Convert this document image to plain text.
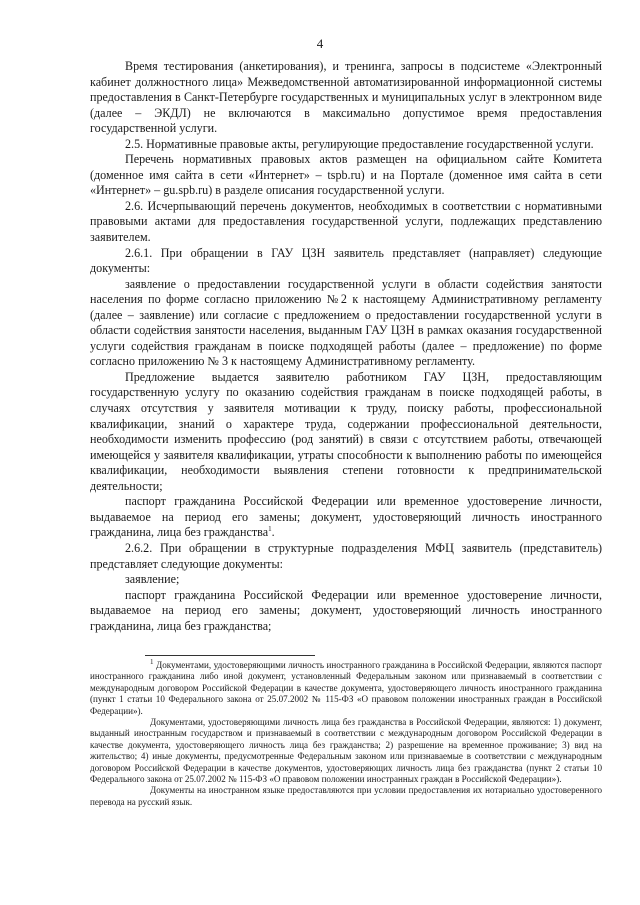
4

Время тестирования (анкетирования), и тренинга, запросы в подсистеме «Электронный кабинет должностного лица» Межведомственной автоматизированной информационной системы предоставления в Санкт-Петербурге государственных и муниципальных услуг в электронном виде (далее – ЭКДЛ) не включаются в максимально допустимое время предоставления государственной услуги.

2.5. Нормативные правовые акты, регулирующие предоставление государственной услуги.

Перечень нормативных правовых актов размещен на официальном сайте Комитета (доменное имя сайта в сети «Интернет» – tspb.ru) и на Портале (доменное имя сайта в сети «Интернет» – gu.spb.ru) в разделе описания государственной услуги.

2.6. Исчерпывающий перечень документов, необходимых в соответствии с нормативными правовыми актами для предоставления государственной услуги, подлежащих представлению заявителем.

2.6.1. При обращении в ГАУ ЦЗН заявитель представляет (направляет) следующие документы:

заявление о предоставлении государственной услуги в области содействия занятости населения по форме согласно приложению №2 к настоящему Административному регламенту (далее – заявление) или согласие с предложением о предоставлении государственной услуги в области содействия занятости населения, выданным ГАУ ЦЗН в рамках оказания государственной услуги содействия гражданам в поиске подходящей работы (далее – предложение) по форме согласно приложению № 3 к настоящему Административному регламенту.

Предложение выдается заявителю работником ГАУ ЦЗН, предоставляющим государственную услугу по оказанию содействия гражданам в поиске подходящей работы, в случаях отсутствия у заявителя мотивации к труду, поиску работы, профессиональной квалификации, знаний о характере труда, содержании профессиональной деятельности, необходимости изменить профессию (род занятий) в связи с отсутствием работы, отвечающей имеющейся у заявителя квалификации, утраты способности к выполнению работы по имеющейся квалификации, необходимости выявления степени готовности к предпринимательской деятельности;

паспорт гражданина Российской Федерации или временное удостоверение личности, выдаваемое на период его замены; документ, удостоверяющий личность иностранного гражданина, лица без гражданства$^1$.

2.6.2. При обращении в структурные подразделения МФЦ заявитель (представитель) представляет следующие документы:

заявление;

паспорт гражданина Российской Федерации или временное удостоверение личности, выдаваемое на период его замены; документ, удостоверяющий личность иностранного гражданина, лица без гражданства;

$^1$ Документами, удостоверяющими личность иностранного гражданина в Российской Федерации, являются паспорт иностранного гражданина либо иной документ, установленный Федеральным законом или признаваемый в соответствии с международным договором Российской Федерации в качестве документа, удостоверяющего личность иностранного гражданина (пункт 1 статьи 10 Федерального закона от 25.07.2002 № 115-ФЗ «О правовом положении иностранных граждан в Российской Федерации»).

Документами, удостоверяющими личность лица без гражданства в Российской Федерации, являются: 1) документ, выданный иностранным государством и признаваемый в соответствии с международным договором Российской Федерации в качестве документа, удостоверяющего личность лица без гражданства; 2) разрешение на временное проживание; 3) вид на жительство; 4) иные документы, предусмотренные Федеральным законом или признаваемые в соответствии с международным договором Российской Федерации в качестве документов, удостоверяющих личность лица без гражданства (пункт 2 статьи 10 Федерального закона от 25.07.2002 № 115-ФЗ «О правовом положении иностранных граждан в Российской Федерации»).

Документы на иностранном языке предоставляются при условии предоставления их нотариально удостоверенного перевода на русский язык.
